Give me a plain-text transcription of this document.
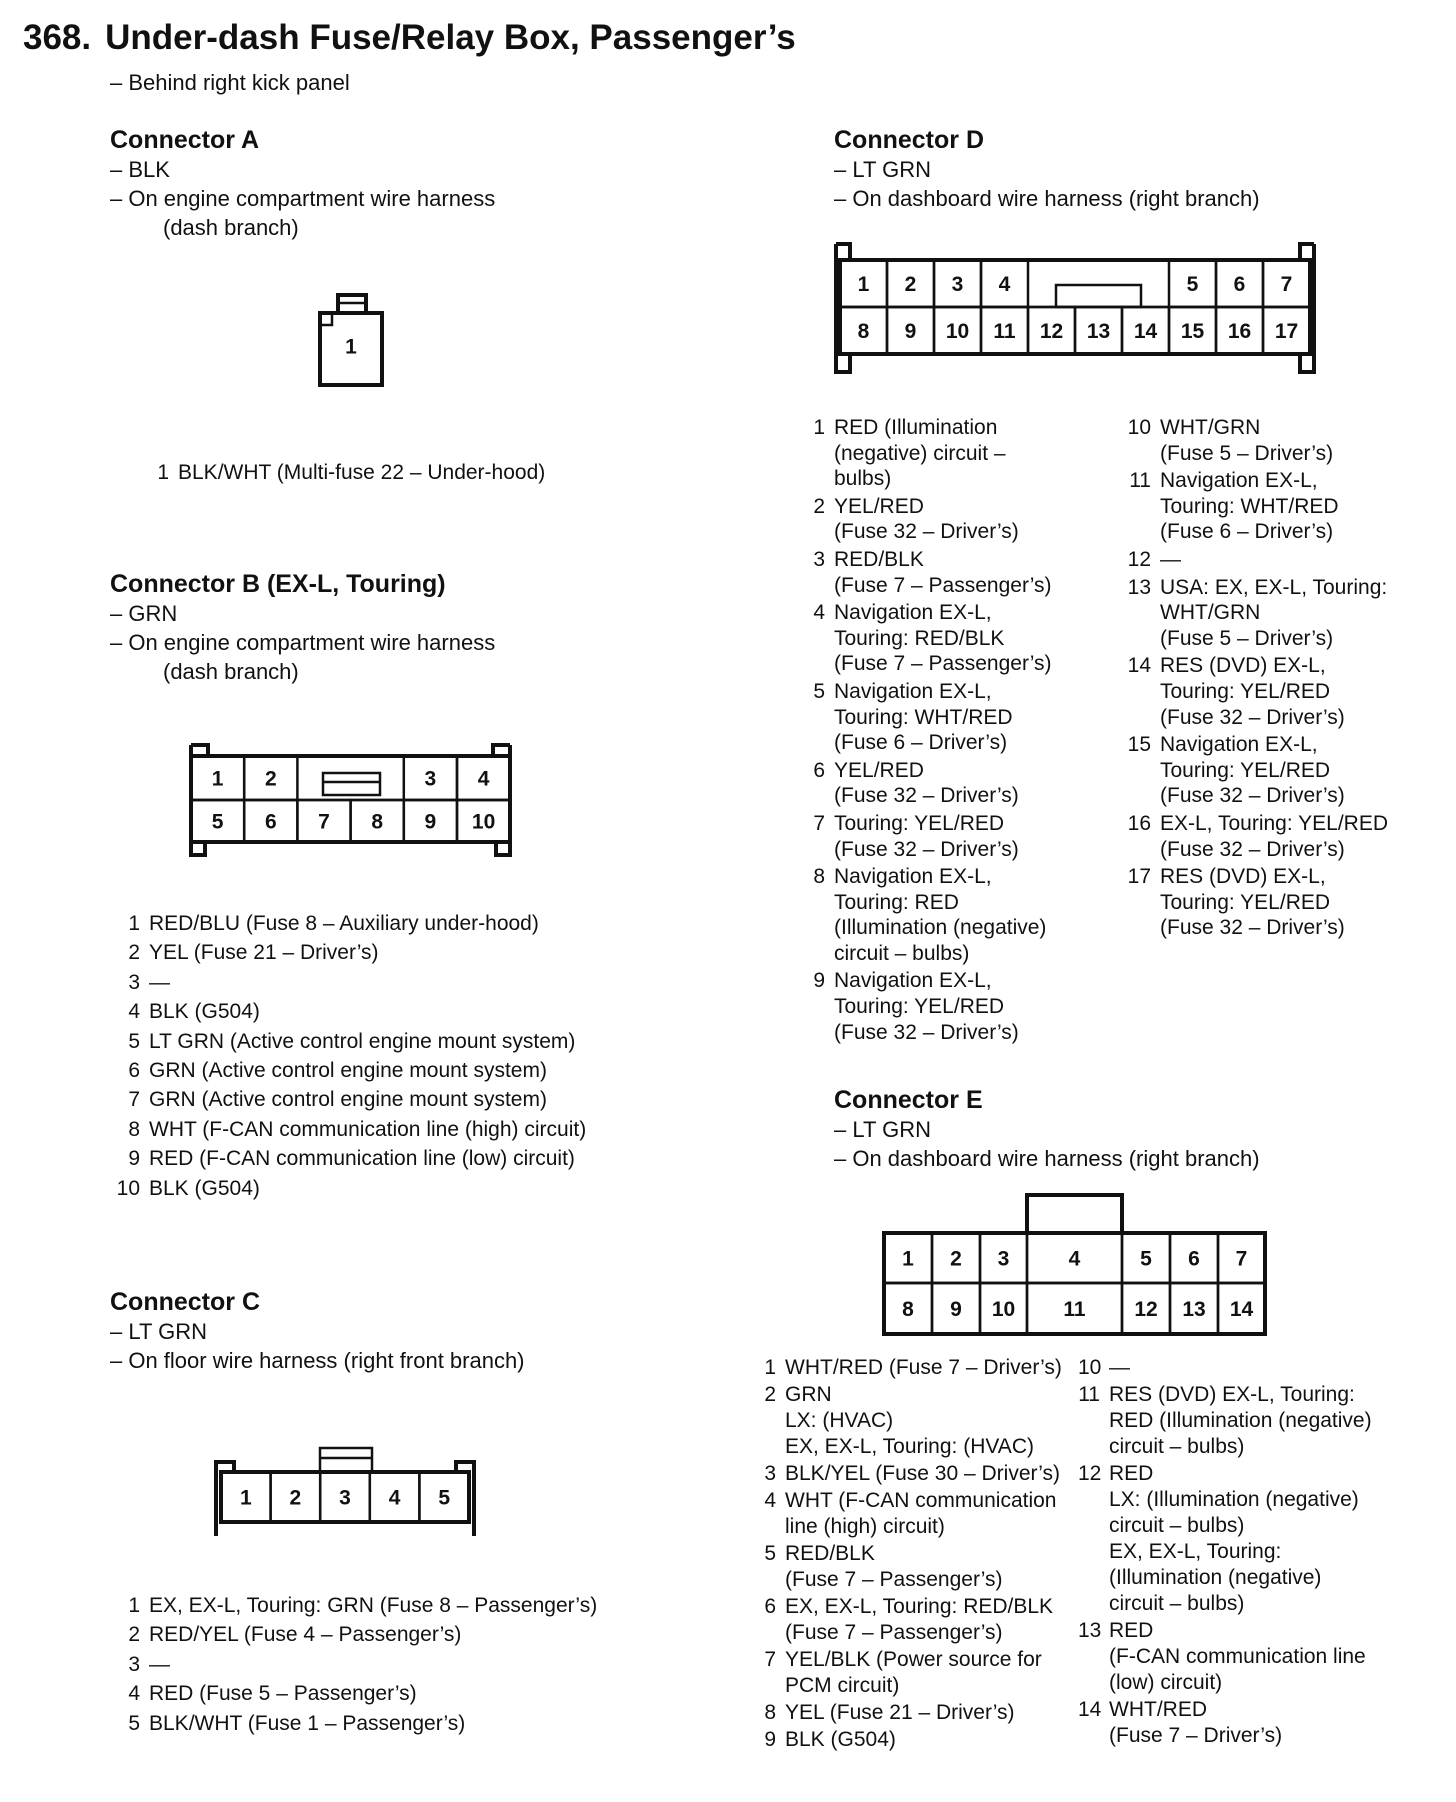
368. Under-dash Fuse/Relay Box, Passenger’s
– Behind right kick panel
Connector A
– BLK
– On engine compartment wire harness
(dash branch)
1
1 2	3 4
5 6 7 8 9 10
1 2 3 4 5
1 2 3 4	5 6 7
8 9 10 11 12 13 14 15 16 17
1 2 3	4	5 6 7
8 9 10 11 12 13 14
1 BLK/WHT (Multi-fuse 22 – Under-hood)
Connector B (EX-L, Touring)
– GRN
– On engine compartment wire harness
(dash branch)
1 RED/BLU (Fuse 8 – Auxiliary under-hood)
2 YEL (Fuse 21 – Driver’s)
3 —
4 BLK (G504)
5 LT GRN (Active control engine mount system)
6 GRN (Active control engine mount system)
7 GRN (Active control engine mount system)
8 WHT (F-CAN communication line (high) circuit)
9 RED (F-CAN communication line (low) circuit)
10 BLK (G504)
Connector C
– LT GRN
– On floor wire harness (right front branch)
1 EX, EX-L, Touring: GRN (Fuse 8 – Passenger’s)
2 RED/YEL (Fuse 4 – Passenger’s)
3 —
4 RED (Fuse 5 – Passenger’s)
5 BLK/WHT (Fuse 1 – Passenger’s)
Connector D
– LT GRN
– On dashboard wire harness (right branch)
1 RED (Illumination
(negative) circuit –
bulbs)
2 YEL/RED
(Fuse 32 – Driver’s)
3 RED/BLK
(Fuse 7 – Passenger’s)
4 Navigation EX-L,
Touring: RED/BLK
(Fuse 7 – Passenger’s)
5 Navigation EX-L,
Touring: WHT/RED
(Fuse 6 – Driver’s)
6 YEL/RED
(Fuse 32 – Driver’s)
7 Touring: YEL/RED
(Fuse 32 – Driver’s)
8 Navigation EX-L,
Touring: RED
(Illumination (negative)
circuit – bulbs)
9 Navigation EX-L,
Touring: YEL/RED
(Fuse 32 – Driver’s)
10 WHT/GRN
(Fuse 5 – Driver’s)
11 Navigation EX-L,
Touring: WHT/RED
(Fuse 6 – Driver’s)
12 —
13 USA: EX, EX-L, Touring:
WHT/GRN
(Fuse 5 – Driver’s)
14 RES (DVD) EX-L,
Touring: YEL/RED
(Fuse 32 – Driver’s)
15 Navigation EX-L,
Touring: YEL/RED
(Fuse 32 – Driver’s)
16 EX-L, Touring: YEL/RED
(Fuse 32 – Driver’s)
17 RES (DVD) EX-L,
Touring: YEL/RED
(Fuse 32 – Driver’s)
Connector E
– LT GRN
– On dashboard wire harness (right branch)
1 WHT/RED (Fuse 7 – Driver’s)
2 GRN
LX: (HVAC)
EX, EX-L, Touring: (HVAC)
3 BLK/YEL (Fuse 30 – Driver’s)
4 WHT (F-CAN communication
line (high) circuit)
5 RED/BLK
(Fuse 7 – Passenger’s)
6 EX, EX-L, Touring: RED/BLK
(Fuse 7 – Passenger’s)
7 YEL/BLK (Power source for
PCM circuit)
8 YEL (Fuse 21 – Driver’s)
9 BLK (G504)
10 —
11 RES (DVD) EX-L, Touring:
RED (Illumination (negative)
circuit – bulbs)
12 RED
LX: (Illumination (negative)
circuit – bulbs)
EX, EX-L, Touring:
(Illumination (negative)
circuit – bulbs)
13 RED
(F-CAN communication line
(low) circuit)
14 WHT/RED
(Fuse 7 – Driver’s)
